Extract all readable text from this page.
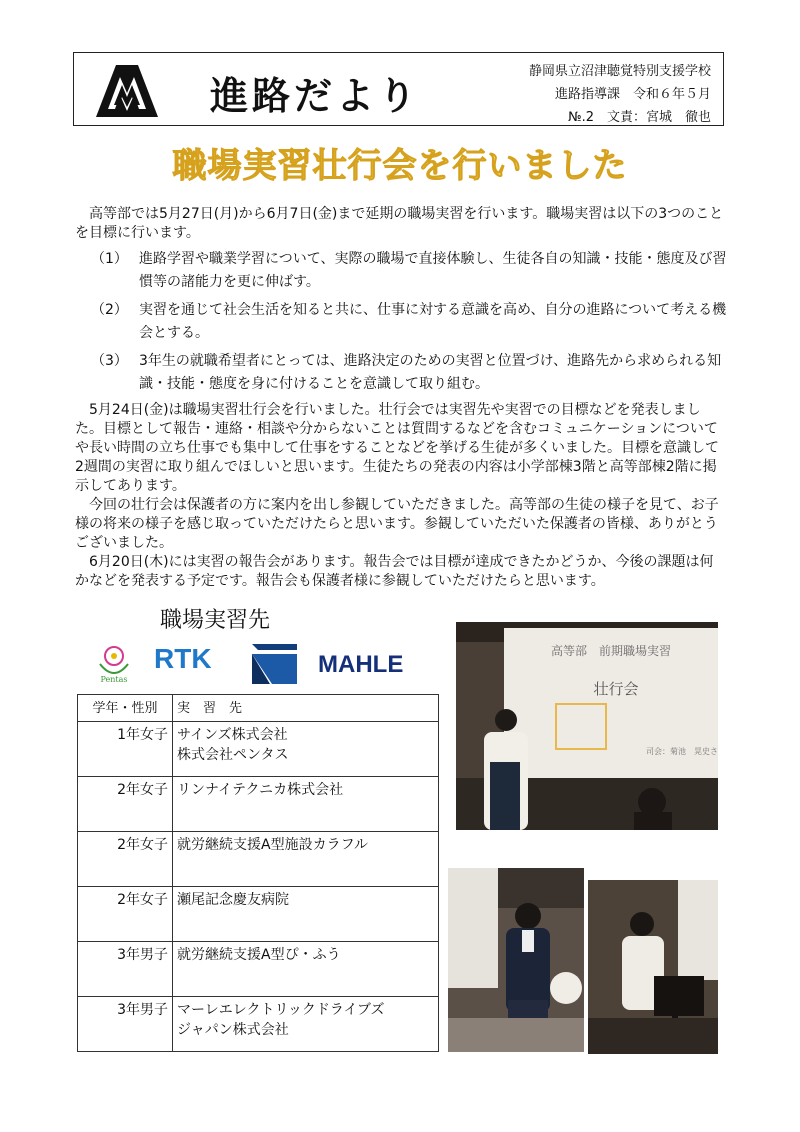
進路だより
静岡県立沼津聴覚特別支援学校
進路指導課　令和６年５月
№.2　文責：宮城　徹也
職場実習壮行会を行いました

高等部では5月27日(月)から6月7日(金)まで延期の職場実習を行います。職場実習は以下の3つのことを目標に行います。

（1） 進路学習や職業学習について、実際の職場で直接体験し、生徒各自の知識・技能・態度及び習慣等の諸能力を更に伸ばす。
（2） 実習を通じて社会生活を知ると共に、仕事に対する意識を高め、自分の進路について考える機会とする。
（3） 3年生の就職希望者にとっては、進路決定のための実習と位置づけ、進路先から求められる知識・技能・態度を身に付けることを意識して取り組む。

5月24日(金)は職場実習壮行会を行いました。壮行会では実習先や実習での目標などを発表しました。目標として報告・連絡・相談や分からないことは質問するなどを含むコミュニケーションについてや長い時間の立ち仕事でも集中して仕事をすることなどを挙げる生徒が多くいました。目標を意識して2週間の実習に取り組んでほしいと思います。生徒たちの発表の内容は小学部棟3階と高等部棟2階に掲示してあります。

今回の壮行会は保護者の方に案内を出し参観していただきました。高等部の生徒の様子を見て、お子様の将来の様子を感じ取っていただけたらと思います。参観していただいた保護者の皆様、ありがとうございました。

6月20日(木)には実習の報告会があります。報告会では目標が達成できたかどうか、今後の課題は何かなどを発表する予定です。報告会も保護者様に参観していただけたらと思います。

職場実習先
Pentas
RTK	MAHLE
学年・性別	実　習　先
1年女子	サインズ株式会社
株式会社ペンタス

2年女子	リンナイテクニカ株式会社

2年女子	就労継続支援A型施設カラフル

2年女子	瀬尾記念慶友病院

3年男子	就労継続支援A型ぴ・ふう

3年男子	マーレエレクトリックドライブズ
ジャパン株式会社
高等部　前期職場実習
壮行会
司会：菊池　晃史さ
